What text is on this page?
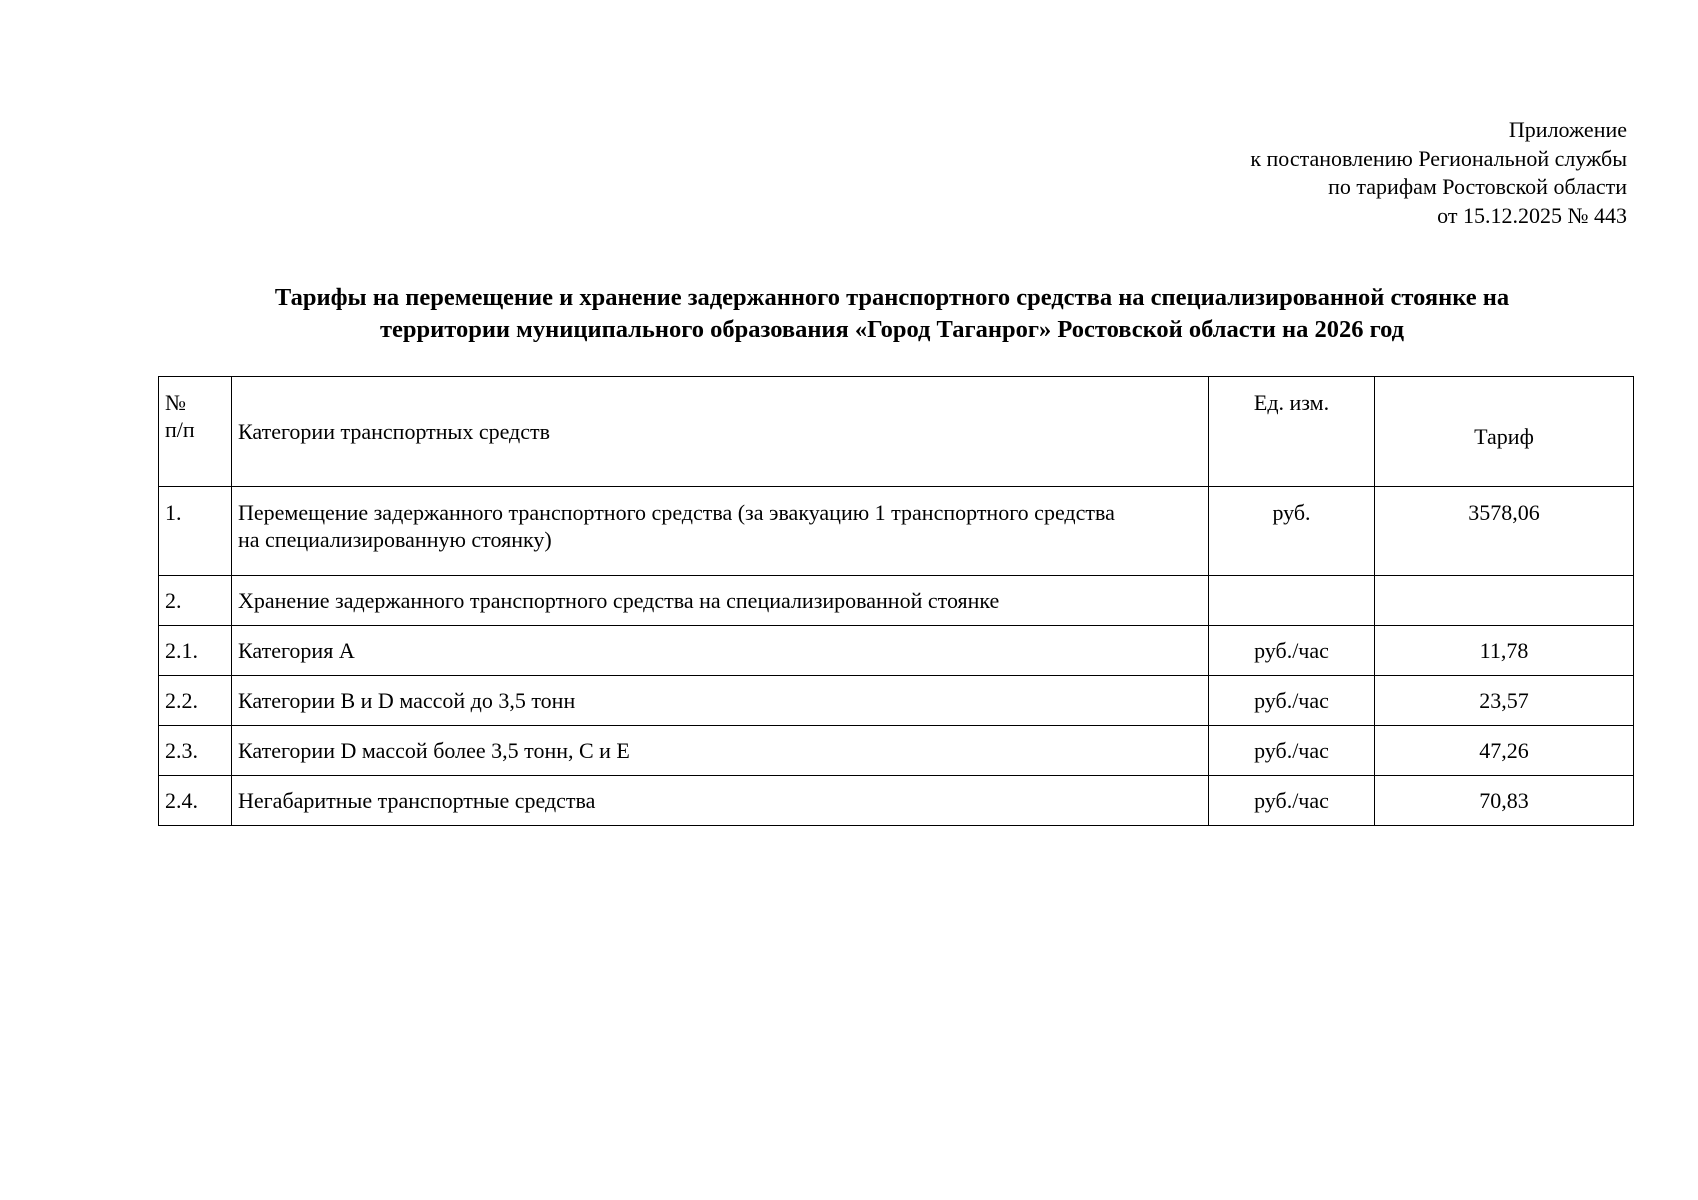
Приложение
к постановлению Региональной службы
по тарифам Ростовской области
от 15.12.2025 № 443
Тарифы на перемещение и хранение задержанного транспортного средства на специализированной стоянке на
территории муниципального образования «Город Таганрог» Ростовской области на 2026 год
№
п/п	Категории транспортных средств	Ед. изм.	Тариф
1.	Перемещение задержанного транспортного средства (за эвакуацию 1 транспортного средства
на специализированную стоянку)	руб.	3578,06
2.	Хранение задержанного транспортного средства на специализированной стоянке		
2.1.	Категория А	руб./час	11,78
2.2.	Категории В и D массой до 3,5 тонн	руб./час	23,57
2.3.	Категории D массой более 3,5 тонн, С и Е	руб./час	47,26
2.4.	Негабаритные транспортные средства	руб./час	70,83
